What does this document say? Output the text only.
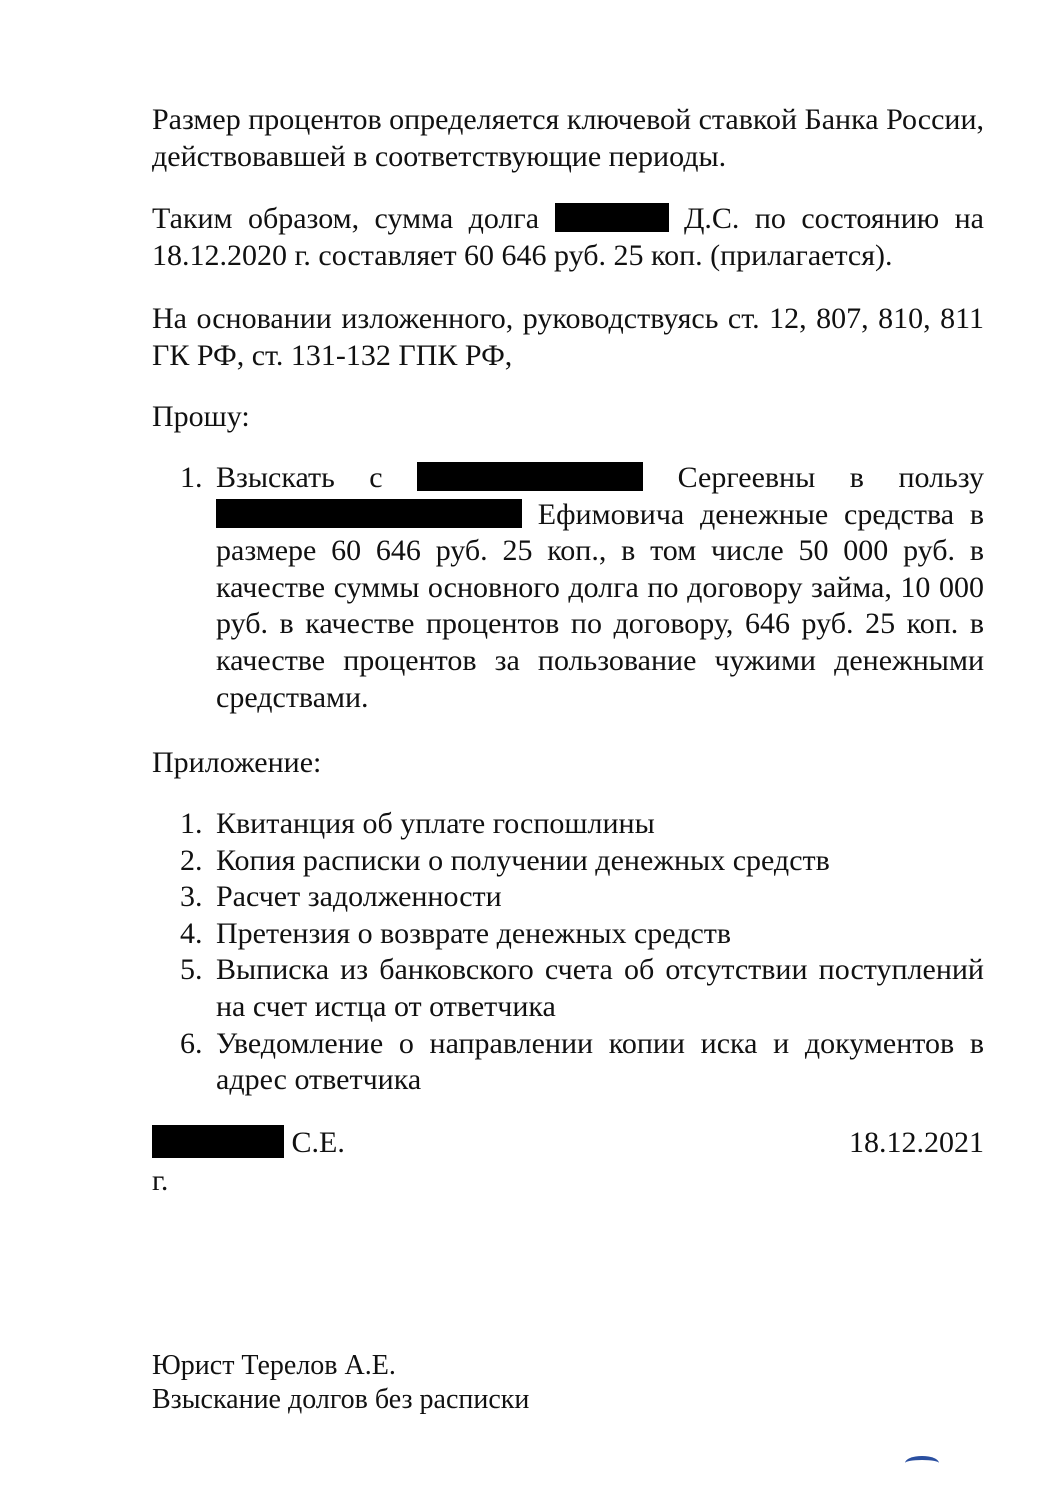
Размер процентов определяется ключевой ставкой Банка России, действовавшей в соответствующие периоды.

Таким образом, сумма долга	Д.С. по состоянию на 18.12.2020 г. составляет 60 646 руб. 25 коп. (прилагается).

На основании изложенного, руководствуясь ст. 12, 807, 810, 811 ГК РФ, ст. 131-132 ГПК РФ,

Прошу:

1. Взыскать с	Сергеевны в пользу  Ефимовича денежные средства в размере 60 646 руб. 25 коп., в том числе 50 000 руб. в качестве суммы основного долга по договору займа, 10 000 руб. в качестве процентов по договору, 646 руб. 25 коп. в качестве процентов за пользование чужими денежными средствами.

Приложение:

1. Квитанция об уплате госпошлины
2. Копия расписки о получении денежных средств
3. Расчет задолженности
4. Претензия о возврате денежных средств
5. Выписка из банковского счета об отсутствии поступлений на счет истца от ответчика
6. Уведомление о направлении копии иска и документов в адрес ответчика
С.Е.	18.12.2021
г.
Юрист Терелов А.Е.
Взыскание долгов без расписки
